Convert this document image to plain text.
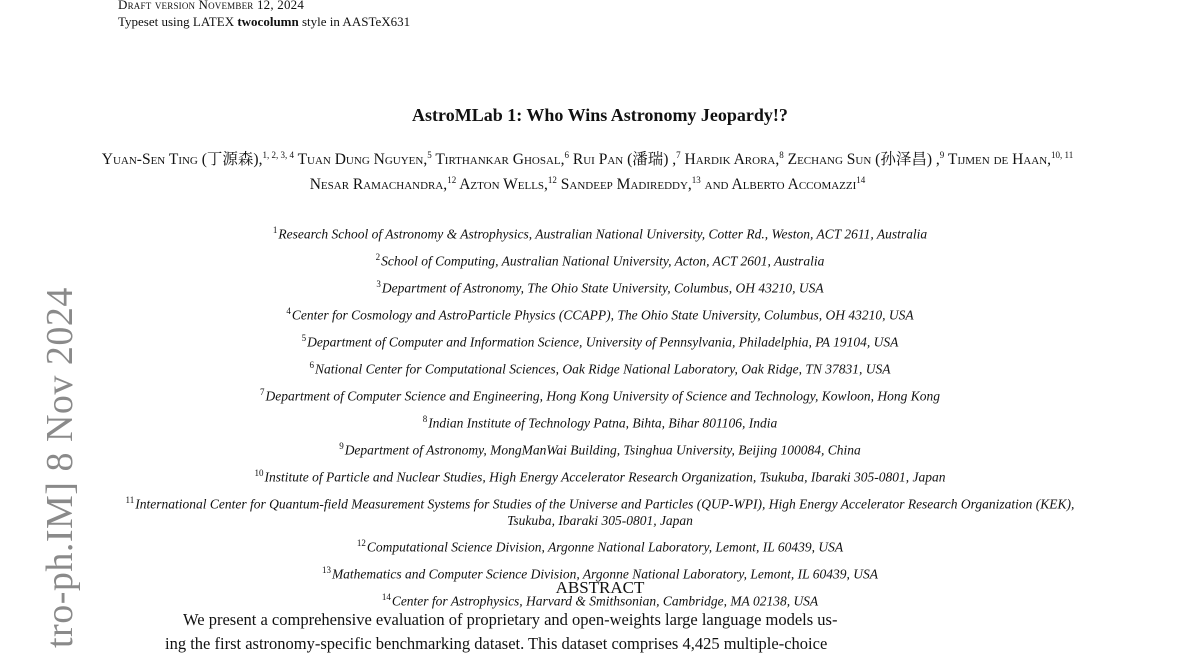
Draft version November 12, 2024
Typeset using LATEX twocolumn style in AASTeX631
tro-ph.IM] 8 Nov 2024
AstroMLab 1: Who Wins Astronomy Jeopardy!?
Yuan-Sen Ting (丁源森),$^{1, 2, 3, 4}$ Tuan Dung Nguyen,$^5$ Tirthankar Ghosal,$^6$ Rui Pan (潘瑞) ,$^7$ Hardik Arora,$^8$ Zechang Sun (孙泽昌) ,$^9$ Tijmen de Haan,$^{10, 11}$ Nesar Ramachandra,$^{12}$ Azton Wells,$^{12}$ Sandeep Madireddy,$^{13}$ and Alberto Accomazzi$^{14}$
$^1$Research School of Astronomy & Astrophysics, Australian National University, Cotter Rd., Weston, ACT 2611, Australia
$^2$School of Computing, Australian National University, Acton, ACT 2601, Australia
$^3$Department of Astronomy, The Ohio State University, Columbus, OH 43210, USA
$^4$Center for Cosmology and AstroParticle Physics (CCAPP), The Ohio State University, Columbus, OH 43210, USA
$^5$Department of Computer and Information Science, University of Pennsylvania, Philadelphia, PA 19104, USA
$^6$National Center for Computational Sciences, Oak Ridge National Laboratory, Oak Ridge, TN 37831, USA
$^7$Department of Computer Science and Engineering, Hong Kong University of Science and Technology, Kowloon, Hong Kong
$^8$Indian Institute of Technology Patna, Bihta, Bihar 801106, India
$^9$Department of Astronomy, MongManWai Building, Tsinghua University, Beijing 100084, China
$^{10}$Institute of Particle and Nuclear Studies, High Energy Accelerator Research Organization, Tsukuba, Ibaraki 305-0801, Japan
$^{11}$International Center for Quantum-field Measurement Systems for Studies of the Universe and Particles (QUP-WPI), High Energy Accelerator Research Organization (KEK), Tsukuba, Ibaraki 305-0801, Japan
$^{12}$Computational Science Division, Argonne National Laboratory, Lemont, IL 60439, USA
$^{13}$Mathematics and Computer Science Division, Argonne National Laboratory, Lemont, IL 60439, USA
$^{14}$Center for Astrophysics, Harvard & Smithsonian, Cambridge, MA 02138, USA
ABSTRACT
We present a comprehensive evaluation of proprietary and open-weights large language models us-
ing the first astronomy-specific benchmarking dataset. This dataset comprises 4,425 multiple-choice
